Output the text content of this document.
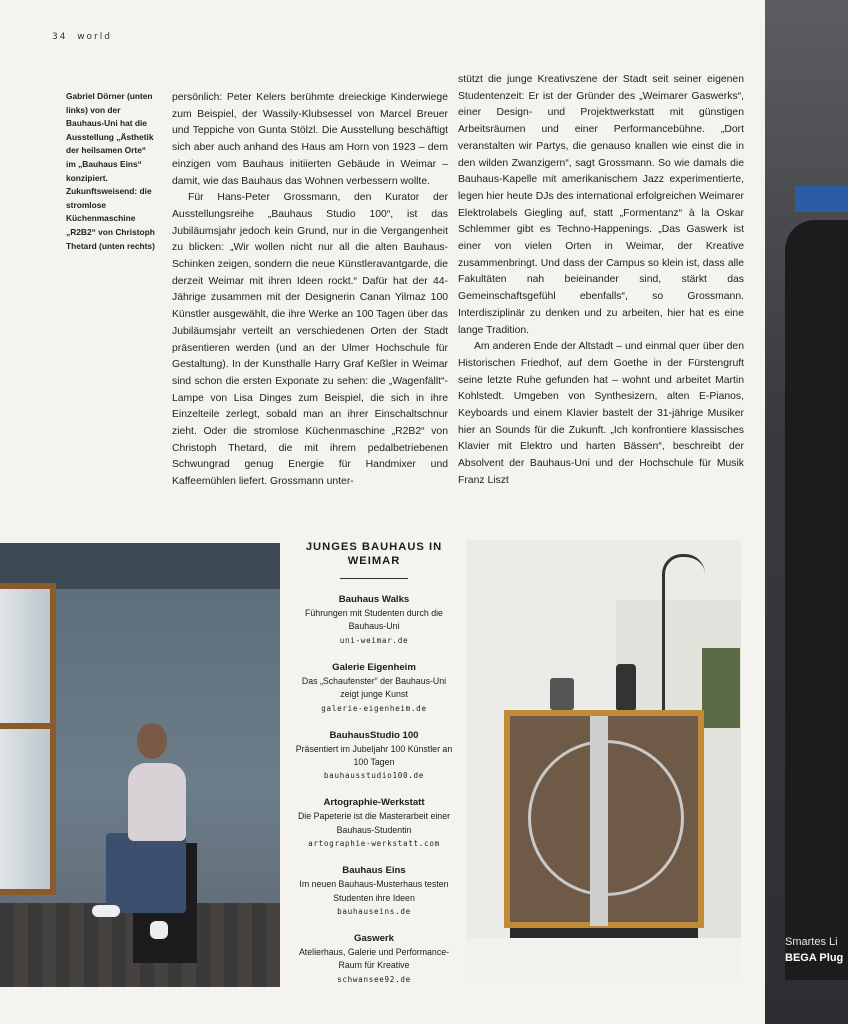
34 world
Gabriel Dörner (unten links) von der Bauhaus-Uni hat die Ausstellung „Ästhetik der heilsamen Orte“ im „Bauhaus Eins“ konzipiert. Zukunftsweisend: die stromlose Küchenmaschine „R2B2“ von Christoph Thetard (unten rechts)

persönlich: Peter Kelers berühmte dreieckige Kinderwiege zum Beispiel, der Wassily-Klubsessel von Marcel Breuer und Teppiche von Gunta Stölzl. Die Ausstellung beschäftigt sich aber auch anhand des Haus am Horn von 1923 – dem einzigen vom Bauhaus initiierten Gebäude in Weimar – damit, wie das Bauhaus das Wohnen verbessern wollte.

Für Hans-Peter Grossmann, den Kurator der Ausstellungsreihe „Bauhaus Studio 100“, ist das Jubiläumsjahr jedoch kein Grund, nur in die Vergangenheit zu blicken: „Wir wollen nicht nur all die alten Bauhaus-Schinken zeigen, sondern die neue Künstleravantgarde, die derzeit Weimar mit ihren Ideen rockt.“ Dafür hat der 44-Jährige zusammen mit der Designerin Canan Yilmaz 100 Künstler ausgewählt, die ihre Werke an 100 Tagen über das Jubiläumsjahr verteilt an verschiedenen Orten der Stadt präsentieren werden (und an der Ulmer Hochschule für Gestaltung). In der Kunsthalle Harry Graf Keßler in Weimar sind schon die ersten Exponate zu sehen: die „Wagenfällt“-Lampe von Lisa Dinges zum Beispiel, die sich in ihre Einzelteile zerlegt, sobald man an ihrer Einschaltschnur zieht. Oder die stromlose Küchenmaschine „R2B2“ von Christoph Thetard, die mit ihrem pedalbetriebenen Schwungrad genug Energie für Handmixer und Kaffeemühlen liefert. Grossmann unter-

stützt die junge Kreativszene der Stadt seit seiner eigenen Studentenzeit: Er ist der Gründer des „Weimarer Gaswerks“, einer Design- und Projektwerkstatt mit günstigen Arbeitsräumen und einer Performancebühne. „Dort veranstalten wir Partys, die genauso knallen wie einst die in den wilden Zwanzigern“, sagt Grossmann. So wie damals die Bauhaus-Kapelle mit amerikanischem Jazz experimentierte, legen hier heute DJs des international erfolgreichen Weimarer Elektrolabels Giegling auf, statt „Formentanz“ à la Oskar Schlemmer gibt es Techno-Happenings. „Das Gaswerk ist einer von vielen Orten in Weimar, der Kreative zusammenbringt. Und dass der Campus so klein ist, dass alle Fakultäten nah beieinander sind, stärkt das Gemeinschaftsgefühl ebenfalls“, so Grossmann. Interdisziplinär zu denken und zu arbeiten, hier hat es eine lange Tradition.

Am anderen Ende der Altstadt – und einmal quer über den Historischen Friedhof, auf dem Goethe in der Fürstengruft seine letzte Ruhe gefunden hat – wohnt und arbeitet Martin Kohlstedt. Umgeben von Synthesizern, alten E-Pianos, Keyboards und einem Klavier bastelt der 31-jährige Musiker hier an Sounds für die Zukunft. „Ich konfrontiere klassisches Klavier mit Elektro und harten Bässen“, beschreibt der Absolvent der Bauhaus-Uni und der Hochschule für Musik Franz Liszt

JUNGES BAUHAUS IN WEIMAR
Bauhaus Walks
Führungen mit Studenten durch die Bauhaus-Uni
uni-weimar.de
Galerie Eigenheim
Das „Schaufenster“ der Bauhaus-Uni zeigt junge Kunst
galerie-eigenheim.de
BauhausStudio 100
Präsentiert im Jubeljahr 100 Künstler an 100 Tagen
bauhausstudio100.de
Artographie-Werkstatt
Die Papeterie ist die Masterarbeit einer Bauhaus-Studentin
artographie-werkstatt.com
Bauhaus Eins
Im neuen Bauhaus-Musterhaus testen Studenten ihre Ideen
bauhauseins.de
Gaswerk
Atelierhaus, Galerie und Performance-Raum für Kreative
schwansee92.de
Smartes Li
BEGA Plug
